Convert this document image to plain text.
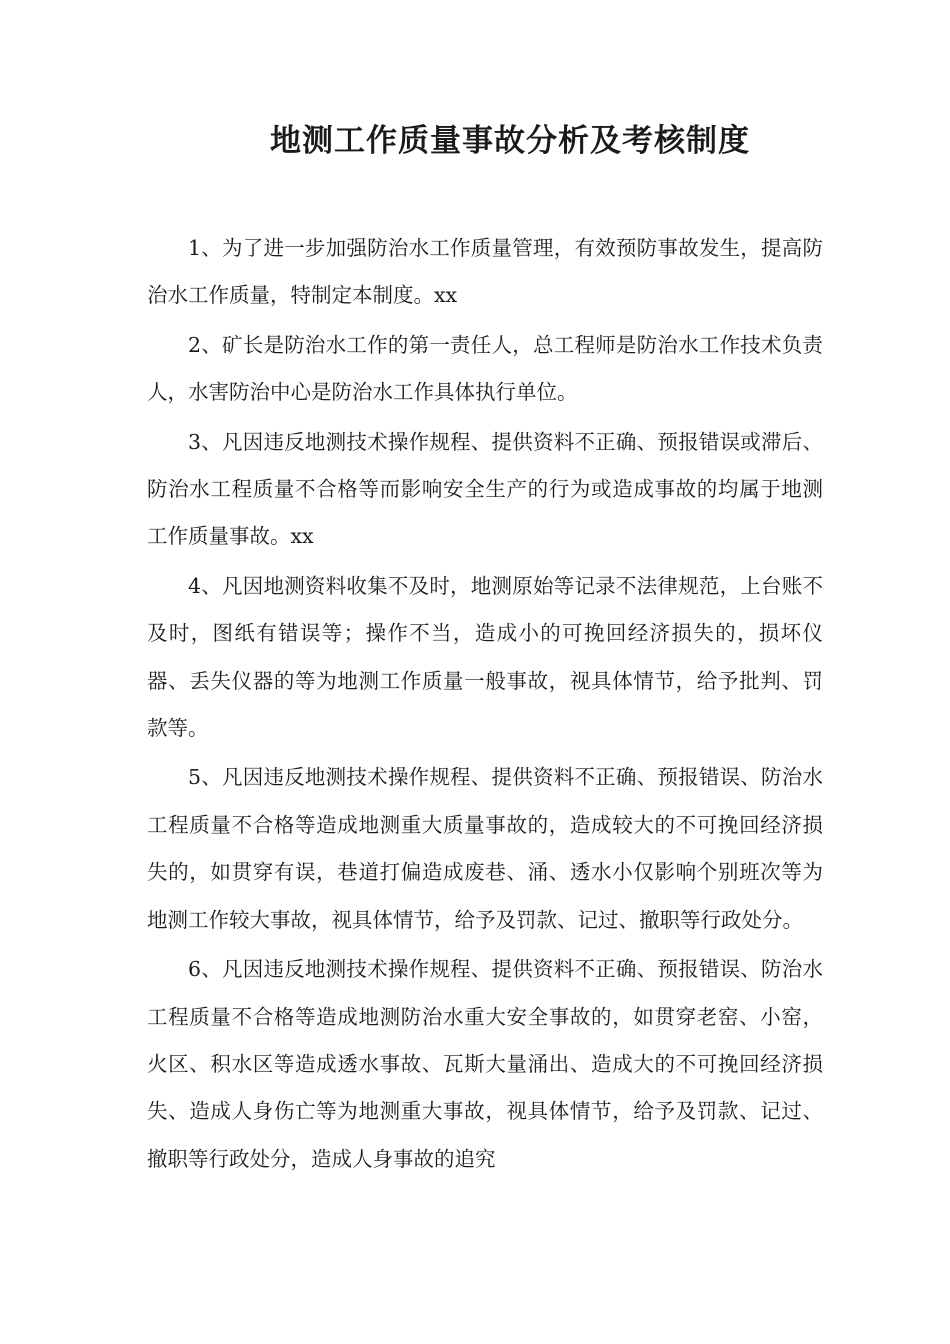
地测工作质量事故分析及考核制度

1、为了进一步加强防治水工作质量管理，有效预防事故发生，提高防治水工作质量，特制定本制度。xx

2、矿长是防治水工作的第一责任人，总工程师是防治水工作技术负责人，水害防治中心是防治水工作具体执行单位。

3、凡因违反地测技术操作规程、提供资料不正确、预报错误或滞后、防治水工程质量不合格等而影响安全生产的行为或造成事故的均属于地测工作质量事故。xx

4、凡因地测资料收集不及时，地测原始等记录不法律规范，上台账不及时，图纸有错误等；操作不当，造成小的可挽回经济损失的，损坏仪器、丢失仪器的等为地测工作质量一般事故，视具体情节，给予批判、罚款等。

5、凡因违反地测技术操作规程、提供资料不正确、预报错误、防治水工程质量不合格等造成地测重大质量事故的，造成较大的不可挽回经济损失的，如贯穿有误，巷道打偏造成废巷、涌、透水小仅影响个别班次等为地测工作较大事故，视具体情节，给予及罚款、记过、撤职等行政处分。

6、凡因违反地测技术操作规程、提供资料不正确、预报错误、防治水工程质量不合格等造成地测防治水重大安全事故的，如贯穿老窑、小窑，火区、积水区等造成透水事故、瓦斯大量涌出、造成大的不可挽回经济损失、造成人身伤亡等为地测重大事故，视具体情节，给予及罚款、记过、撤职等行政处分，造成人身事故的追究
